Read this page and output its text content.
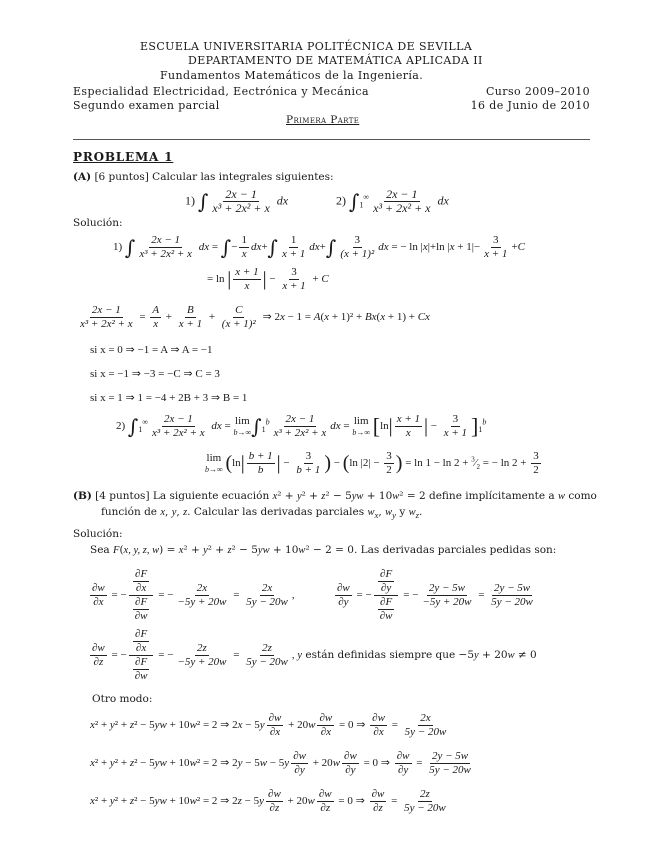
ESCUELA UNIVERSITARIA POLITÉCNICA DE SEVILLA
DEPARTAMENTO DE MATEMÁTICA APLICADA II
Fundamentos Matemáticos de la Ingeniería.
Especialidad Electricidad, Eectrónica y Mecánica	Curso 2009–2010
Segundo examen parcial	16 de Junio de 2010
Primera Parte
PROBLEMA 1
(A) [6 puntos] Calcular las integrales siguientes:
1) ∫ $\frac{2x - 1}{\text{x³ + 2x² + x}}$ dx	2) $\int_1^\infty \frac{2x - 1}{\text{x³ + 2x² + x}}$ dx
Solución:
1) ∫ $\frac{2x - 1}{\text{x³ + 2x² + x}}$ dx = ∫− $\frac{1}{x} dx+\int \frac{1}{x + 1} dx+\int \frac{3}{\text{(x + 1)²}}$ dx = − ln |x|+ln $|x + 1|- \frac{3}{x + 1} +C$
= ln | $\frac{x + 1}{x}$ | − $\frac{3}{x + 1} + C$
$\frac{2x - 1}{\text{x³ + 2x² + x}} = \frac{A}{x} + \frac{B}{x + 1} + \frac{C}{\text{(x + 1)²}}$ ⇒ 2x − 1 = A(x + 1)² + Bx(x + 1) + Cx
si x = 0 ⇒ −1 = A ⇒ A = −1
si x = −1 ⇒ −3 = −C ⇒ C = 3
si x = 1 ⇒ 1 = −4 + 2B + 3 ⇒ B = 1
2) $\int_1^\infty \frac{2x - 1}{\text{x³ + 2x² + x}}$ dx = lim
b→∞ $\int_1^b \frac{2x - 1}{\text{x³ + 2x² + x}}$ dx = lim
b→∞ [$\ln| \frac{x + 1}{x}$ | − $\frac{3}{x + 1} ]_1^b$
lim
b→∞ ($\ln| \frac{b + 1}{b}$ | − $\frac{3}{b + 1}$ ) − (ln $|2| - \frac{3}{2}$ ) = $\ln 1 - \ln 2 + ^3⁄_2$ = − $\ln 2 + \frac{3}{2}$
(B) [4 puntos] La siguiente ecuación x² + y² + z² − 5yw + 10w² = 2 define implícitamente a w como
función de x, y, z. Calcular las derivadas parciales $w_x$, $w_y$ y $w_z$.
Solución:
Sea F(x, y, z, w) = x² + y² + z² − 5yw + 10w² − 2 = 0. Las derivadas parciales pedidas son:
$\frac{\partial w}{\partial x}$ = − $\frac{\frac{\partial F}{\partial x}}{\frac{\partial F}{\partial w}}$ = − $\frac{2x}{-5y + 20w} = \frac{2x}{5y - 20w}$ ,	$\frac{\partial w}{\partial y}$ = − $\frac{\frac{\partial F}{\partial y}}{\frac{\partial F}{\partial w}}$ = − $\frac{2y - 5w}{-5y + 20w} = \frac{2y - 5w}{5y - 20w}$
$\frac{\partial w}{\partial z}$ = − $\frac{\frac{\partial F}{\partial x}}{\frac{\partial F}{\partial w}}$ = − $\frac{2z}{-5y + 20w} = \frac{2z}{5y - 20w}$ , y están definidas siempre que −5y + 20w ≠ 0
Otro modo:
x² + y² + z² − 5yw + 10w² = 2 ⇒ $2x - 5y \frac{\partial w}{\partial x} + 20w \frac{\partial w}{\partial x} = 0$ ⇒ $\frac{\partial w}{\partial x} = \frac{2x}{5y - 20w}$
x² + y² + z² − 5yw + 10w² = 2 ⇒ $2y - 5w - 5y \frac{\partial w}{\partial y} + 20w \frac{\partial w}{\partial y} = 0$ ⇒ $\frac{\partial w}{\partial y} = \frac{2y - 5w}{5y - 20w}$
x² + y² + z² − 5yw + 10w² = 2 ⇒ $2z - 5y \frac{\partial w}{\partial z} + 20w \frac{\partial w}{\partial z} = 0$ ⇒ $\frac{\partial w}{\partial z} = \frac{2z}{5y - 20w}$
